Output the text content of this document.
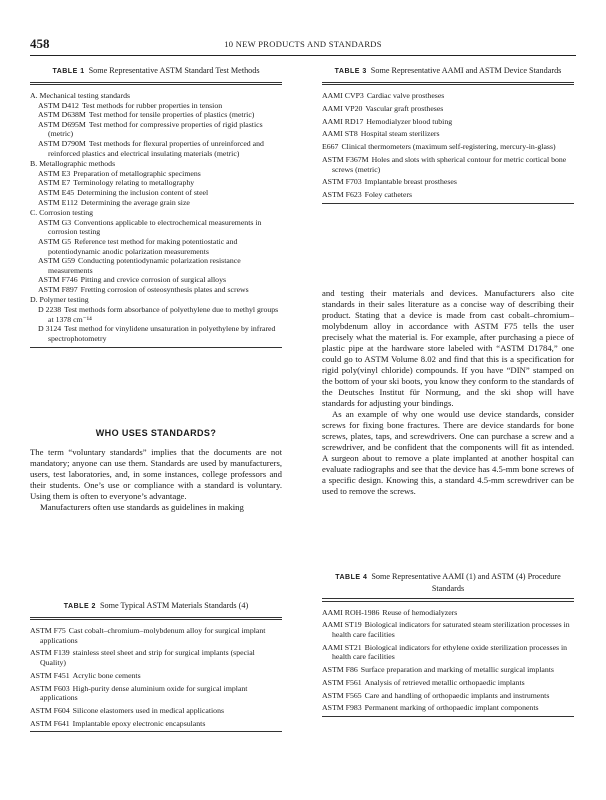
458	10 NEW PRODUCTS AND STANDARDS
TABLE 1 Some Representative ASTM Standard Test Methods
A. Mechanical testing standards
ASTM D412 Test methods for rubber properties in tension
ASTM D638M Test method for tensile properties of plastics (metric)
ASTM D695M Test method for compressive properties of rigid plastics (metric)
ASTM D790M Test methods for flexural properties of unreinforced and reinforced plastics and electrical insulating materials (metric)
B. Metallographic methods
ASTM E3 Preparation of metallographic specimens
ASTM E7 Terminology relating to metallography
ASTM E45 Determining the inclusion content of steel
ASTM E112 Determining the average grain size
C. Corrosion testing
ASTM G3 Conventions applicable to electrochemical measurements in corrosion testing
ASTM G5 Reference test method for making potentiostatic and potentiodynamic anodic polarization measurements
ASTM G59 Conducting potentiodynamic polarization resistance measurements
ASTM F746 Pitting and crevice corrosion of surgical alloys
ASTM F897 Fretting corrosion of osteosynthesis plates and screws
D. Polymer testing
D 2238 Test methods form absorbance of polyethylene due to methyl groups at 1378 cm⁻¹⁴
D 3124 Test method for vinylidene unsaturation in polyethylene by infrared spectrophotometry
WHO USES STANDARDS?

The term “voluntary standards” implies that the documents are not mandatory; anyone can use them. Standards are used by manufacturers, users, test laboratories, and, in some instances, college professors and their students. One’s use or compliance with a standard is voluntary. Using them is often to everyone’s advantage.

Manufacturers often use standards as guidelines in making

TABLE 2 Some Typical ASTM Materials Standards (4)
ASTM F75 Cast cobalt–chromium–molybdenum alloy for surgical implant applications
ASTM F139 stainless steel sheet and strip for surgical implants (special Quality)
ASTM F451 Acrylic bone cements
ASTM F603 High-purity dense aluminium oxide for surgical implant applications
ASTM F604 Silicone elastomers used in medical applications
ASTM F641 Implantable epoxy electronic encapsulants
TABLE 3 Some Representative AAMI and ASTM Device Standards
AAMI CVP3 Cardiac valve prostheses
AAMI VP20 Vascular graft prostheses
AAMI RD17 Hemodialyzer blood tubing
AAMI ST8 Hospital steam sterilizers
E667 Clinical thermometers (maximum self-registering, mercury-in-glass)
ASTM F367M Holes and slots with spherical contour for metric cortical bone screws (metric)
ASTM F703 Implantable breast prostheses
ASTM F623 Foley catheters

and testing their materials and devices. Manufacturers also cite standards in their sales literature as a concise way of describing their product. Stating that a device is made from cast cobalt–chromium–molybdenum alloy in accordance with ASTM F75 tells the user precisely what the material is. For example, after purchasing a piece of plastic pipe at the hardware store labeled with “ASTM D1784,” one could go to ASTM Volume 8.02 and find that this is a specification for rigid poly(vinyl chloride) compounds. If you have “DIN” stamped on the bottom of your ski boots, you know they conform to the standards of the Deutsches Institut für Normung, and the ski shop will have standards for adjusting your bindings.

As an example of why one would use device standards, consider screws for fixing bone fractures. There are device standards for bone screws, plates, taps, and screwdrivers. One can purchase a screw and a screwdriver, and be confident that the components will fit as intended. A surgeon about to remove a plate implanted at another hospital can evaluate radiographs and see that the device has 4.5-mm bone screws of a specific design. Knowing this, a standard 4.5-mm screwdriver can be used to remove the screws.

TABLE 4 Some Representative AAMI (1) and ASTM (4) Procedure Standards
AAMI ROH-1986 Reuse of hemodialyzers
AAMI ST19 Biological indicators for saturated steam sterilization processes in health care facilities
AAMI ST21 Biological indicators for ethylene oxide sterilization processes in health care facilities
ASTM F86 Surface preparation and marking of metallic surgical implants
ASTM F561 Analysis of retrieved metallic orthopaedic implants
ASTM F565 Care and handling of orthopaedic implants and instruments
ASTM F983 Permanent marking of orthopaedic implant components
